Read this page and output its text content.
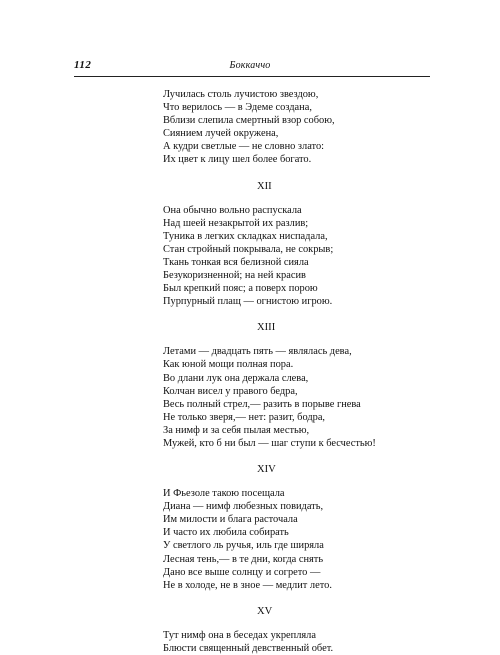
112	Боккаччо
Лучилась столь лучистою звездою,
Что верилось — в Эдеме создана,
Вблизи слепила смертный взор собою,
Сиянием лучей окружена,
А кудри светлые — не словно злато:
Их цвет к лицу шел более богато.
XII
Она обычно вольно распускала
Над шеей незакрытой их разлив;
Туника в легких складках ниспадала,
Стан стройный покрывала, не сокрыв;
Ткань тонкая вся белизной сияла
Безукоризненной; на ней красив
Был крепкий пояс; а поверх порою
Пурпурный плащ — огнистою игрою.
XIII
Летами — двадцать пять — являлась дева,
Как юной мощи полная пора.
Во длани лук она держала слева,
Колчан висел у правого бедра,
Весь полный стрел,— разить в порыве гнева
Не только зверя,— нет: разит, бодра,
За нимф и за себя пылая местью,
Мужей, кто б ни был — шаг ступи к бесчестью!
XIV
И Фьезоле такою посещала
Диана — нимф любезных повидать,
Им милости и блага расточала
И часто их любила собирать
У светлого ль ручья, иль где ширяла
Лесная тень,— в те дни, когда снять
Дано все выше солнцу и согрето —
Не в холоде, не в зное — медлит лето.
XV
Тут нимф она в беседах укрепляла
Блюсти священный девственный обет.
